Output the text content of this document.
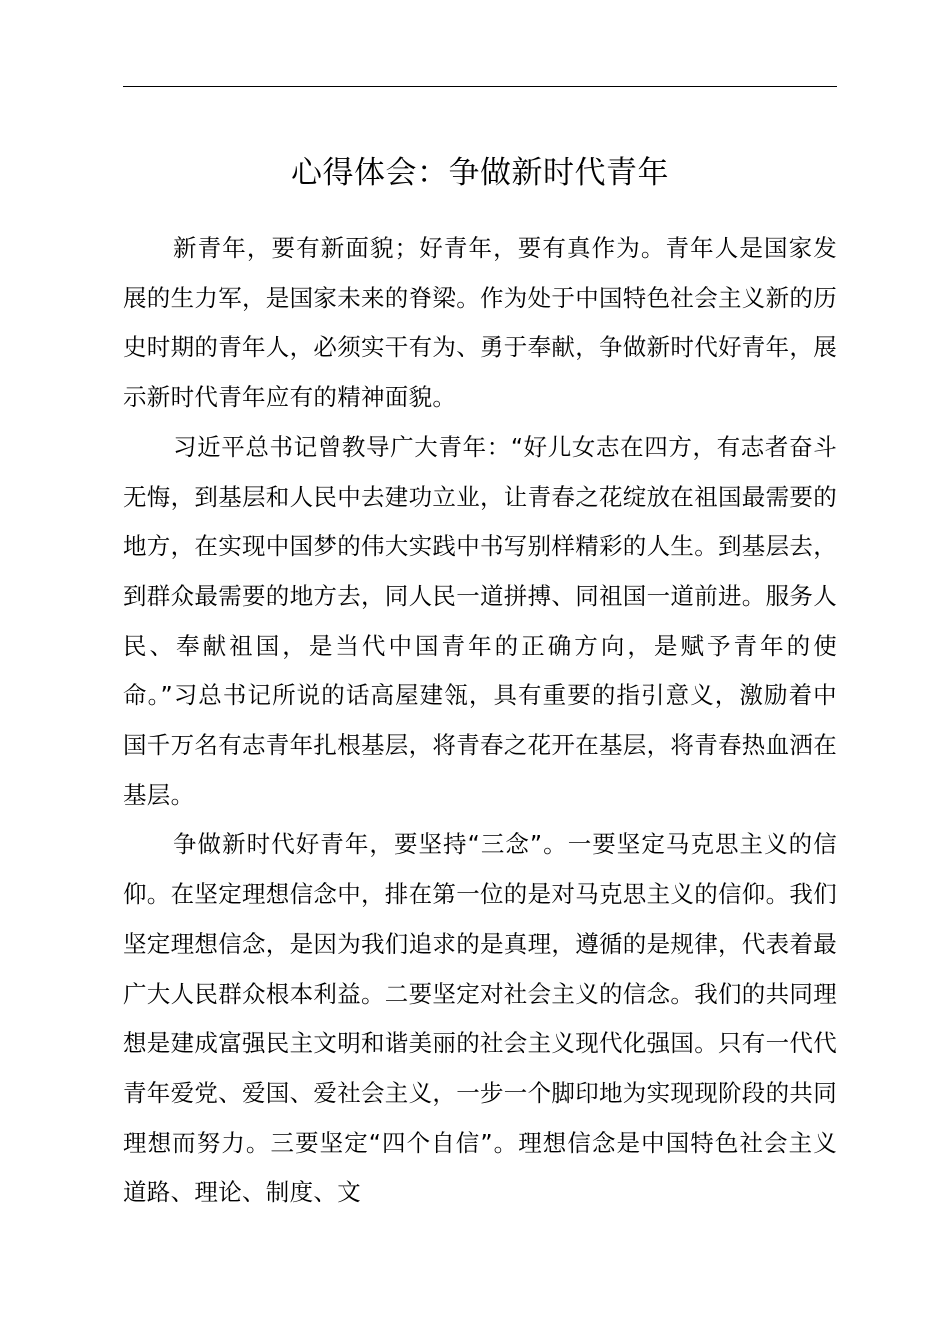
心得体会：争做新时代青年

新青年，要有新面貌；好青年，要有真作为。青年人是国家发展的生力军，是国家未来的脊梁。作为处于中国特色社会主义新的历史时期的青年人，必须实干有为、勇于奉献，争做新时代好青年，展示新时代青年应有的精神面貌。

习近平总书记曾教导广大青年：“好儿女志在四方，有志者奋斗无悔，到基层和人民中去建功立业，让青春之花绽放在祖国最需要的地方，在实现中国梦的伟大实践中书写别样精彩的人生。到基层去，到群众最需要的地方去，同人民一道拼搏、同祖国一道前进。服务人民、奉献祖国，是当代中国青年的正确方向，是赋予青年的使命。”习总书记所说的话高屋建瓴，具有重要的指引意义，激励着中国千万名有志青年扎根基层，将青春之花开在基层，将青春热血洒在基层。

争做新时代好青年，要坚持“三念”。一要坚定马克思主义的信仰。在坚定理想信念中，排在第一位的是对马克思主义的信仰。我们坚定理想信念，是因为我们追求的是真理，遵循的是规律，代表着最广大人民群众根本利益。二要坚定对社会主义的信念。我们的共同理想是建成富强民主文明和谐美丽的社会主义现代化强国。只有一代代青年爱党、爱国、爱社会主义，一步一个脚印地为实现现阶段的共同理想而努力。三要坚定“四个自信”。理想信念是中国特色社会主义道路、理论、制度、文
